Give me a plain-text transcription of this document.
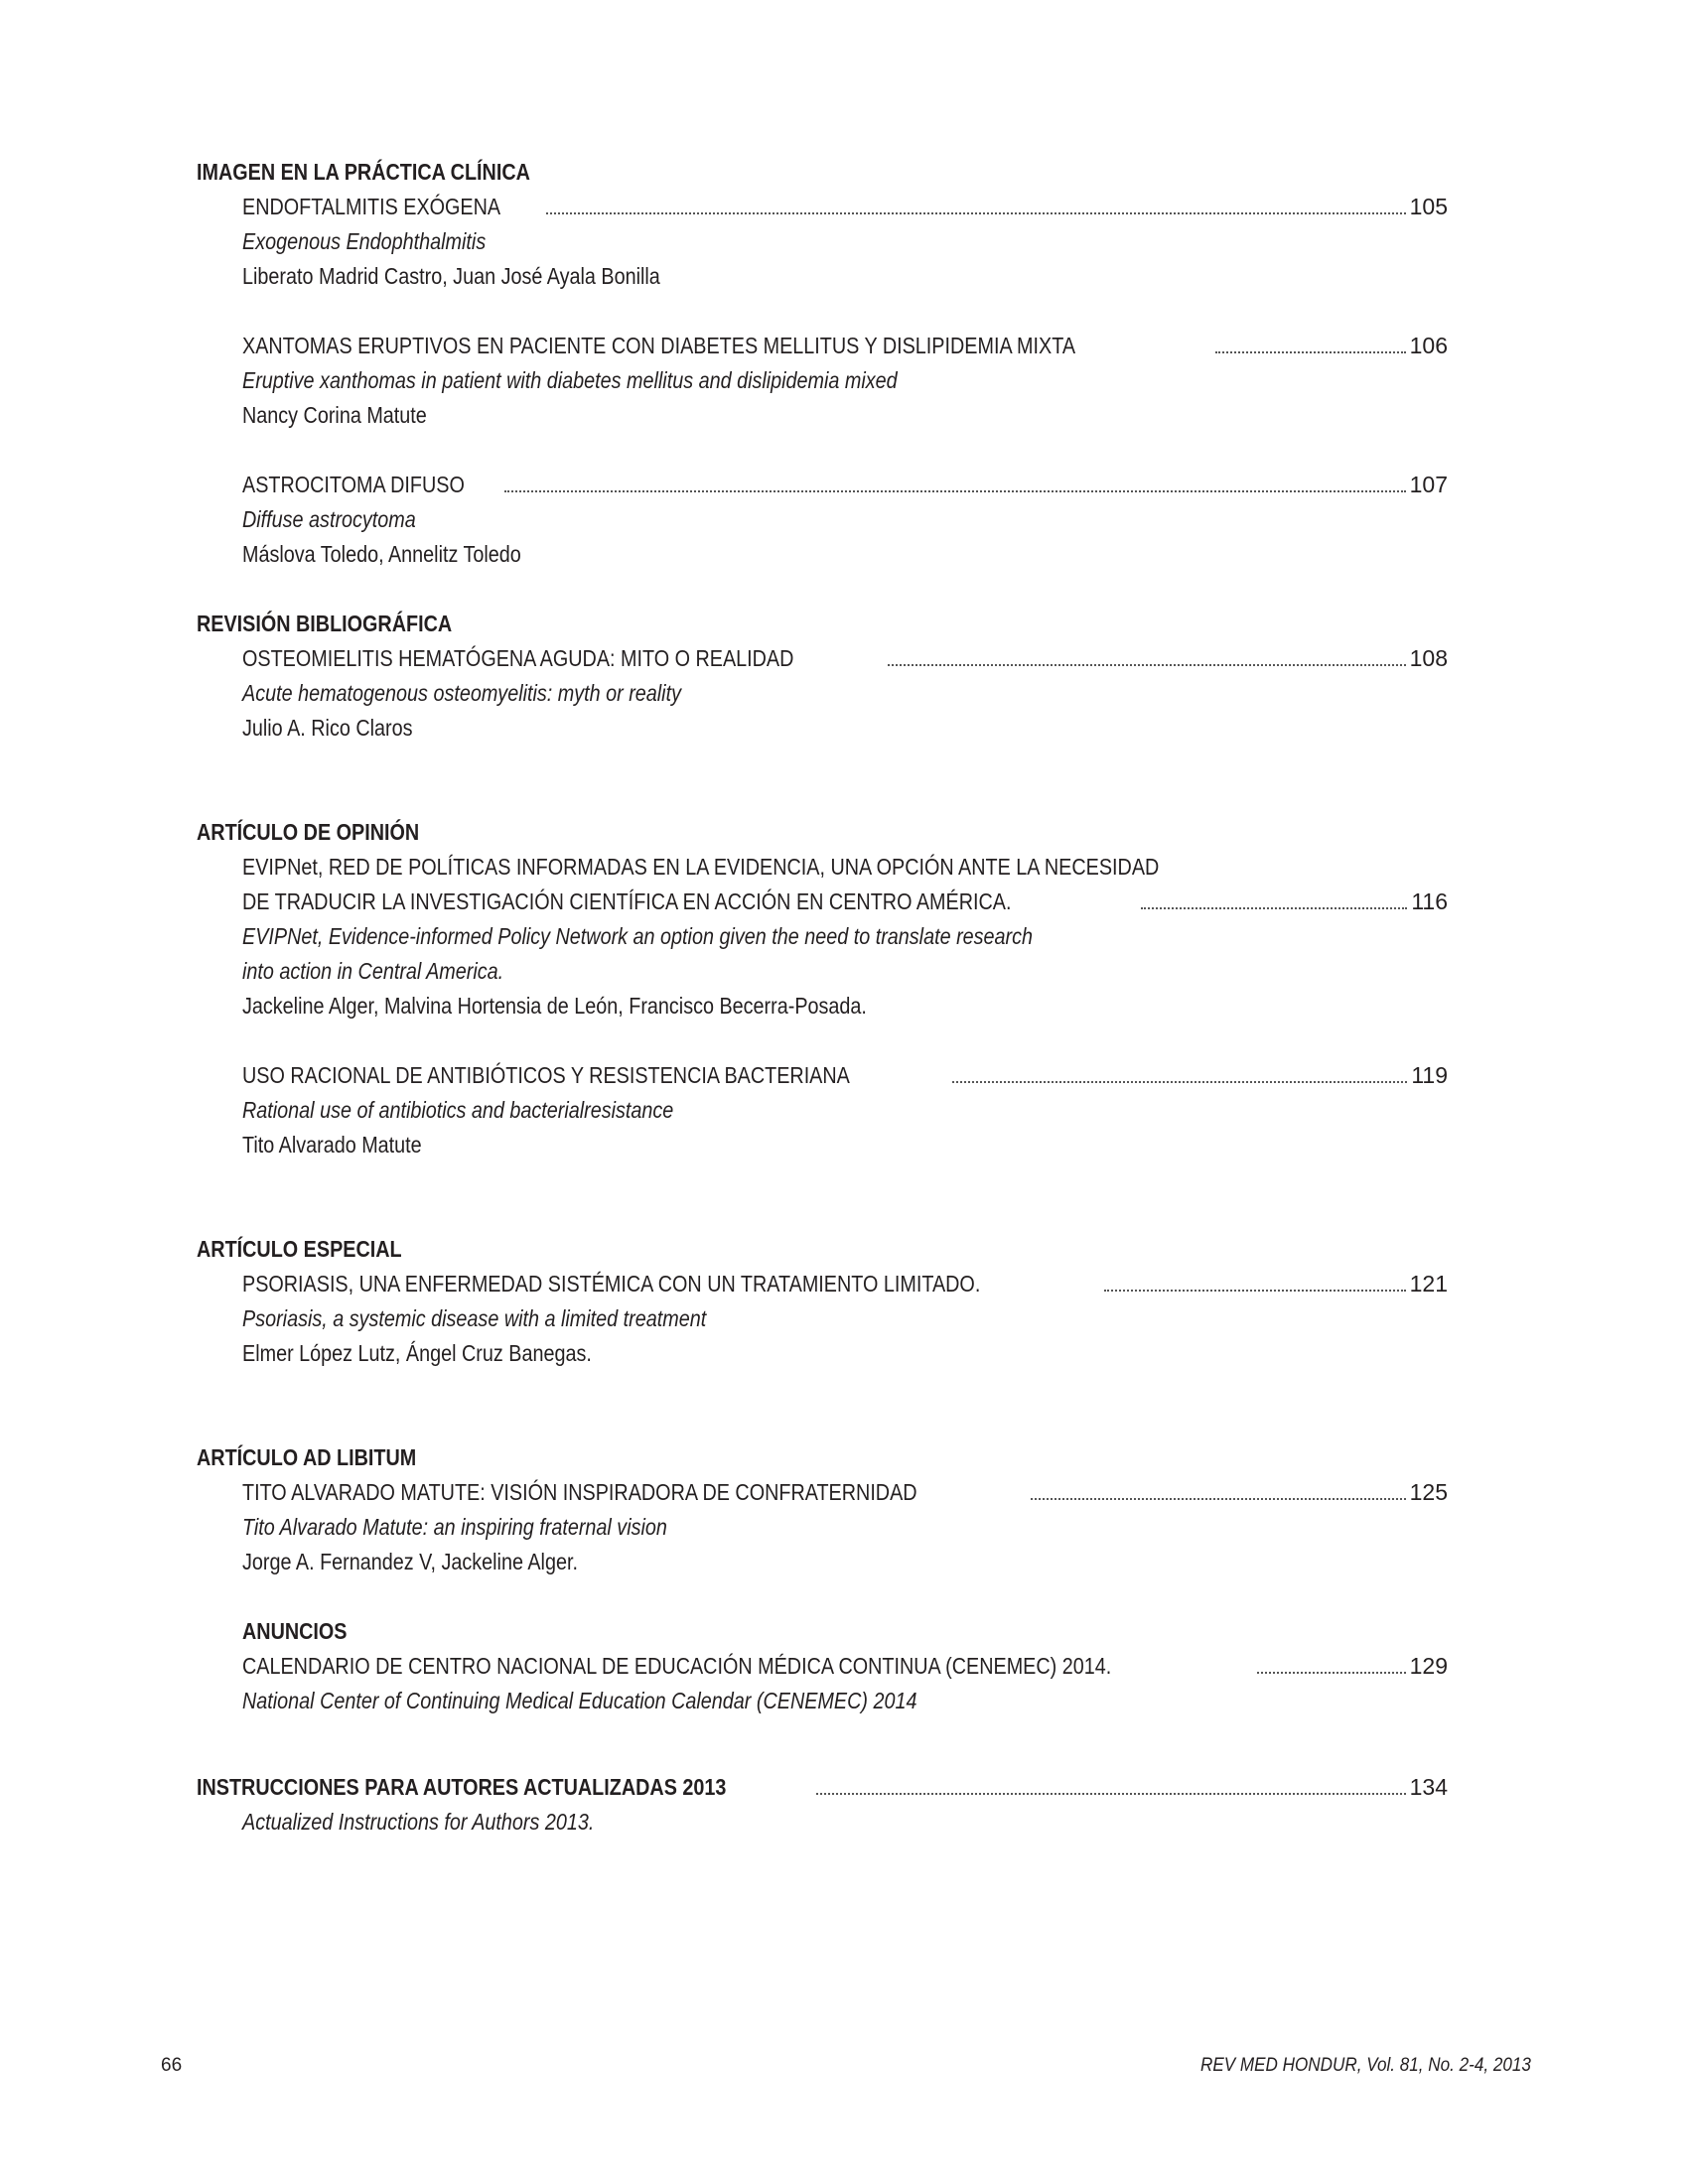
IMAGEN EN LA PRÁCTICA CLÍNICA
ENDOFTALMITIS EXÓGENA	105
Exogenous Endophthalmitis
Liberato Madrid Castro, Juan José Ayala Bonilla
XANTOMAS ERUPTIVOS EN PACIENTE CON DIABETES MELLITUS Y DISLIPIDEMIA MIXTA	106
Eruptive xanthomas in patient with diabetes mellitus and dislipidemia mixed
Nancy Corina Matute
ASTROCITOMA DIFUSO	107
Diffuse astrocytoma
Máslova Toledo, Annelitz Toledo
REVISIÓN BIBLIOGRÁFICA
OSTEOMIELITIS HEMATÓGENA AGUDA: MITO O REALIDAD	108
Acute hematogenous osteomyelitis: myth or reality
Julio A. Rico Claros
ARTÍCULO DE OPINIÓN
EVIPNet, RED DE POLÍTICAS INFORMADAS EN LA EVIDENCIA, UNA OPCIÓN ANTE LA NECESIDAD
DE TRADUCIR LA INVESTIGACIÓN CIENTÍFICA EN ACCIÓN EN CENTRO AMÉRICA.	116
EVIPNet, Evidence-informed Policy Network an option given the need to translate research
into action in Central America.
Jackeline Alger, Malvina Hortensia de León, Francisco Becerra-Posada.
USO RACIONAL DE ANTIBIÓTICOS Y RESISTENCIA BACTERIANA	119
Rational use of antibiotics and bacterialresistance
Tito Alvarado Matute
ARTÍCULO ESPECIAL
PSORIASIS, UNA ENFERMEDAD SISTÉMICA CON UN TRATAMIENTO LIMITADO.	121
Psoriasis, a systemic disease with a limited treatment
Elmer López Lutz, Ángel Cruz Banegas.
ARTÍCULO AD LIBITUM
TITO ALVARADO MATUTE: VISIÓN INSPIRADORA DE CONFRATERNIDAD	125
Tito Alvarado Matute: an inspiring fraternal vision
Jorge A. Fernandez V, Jackeline Alger.
ANUNCIOS
CALENDARIO DE CENTRO NACIONAL DE EDUCACIÓN MÉDICA CONTINUA (CENEMEC) 2014.	129
National Center of Continuing Medical Education Calendar (CENEMEC) 2014
INSTRUCCIONES PARA AUTORES ACTUALIZADAS 2013	134
Actualized Instructions for Authors 2013.
66	REV MED HONDUR, Vol. 81, No. 2-4, 2013
